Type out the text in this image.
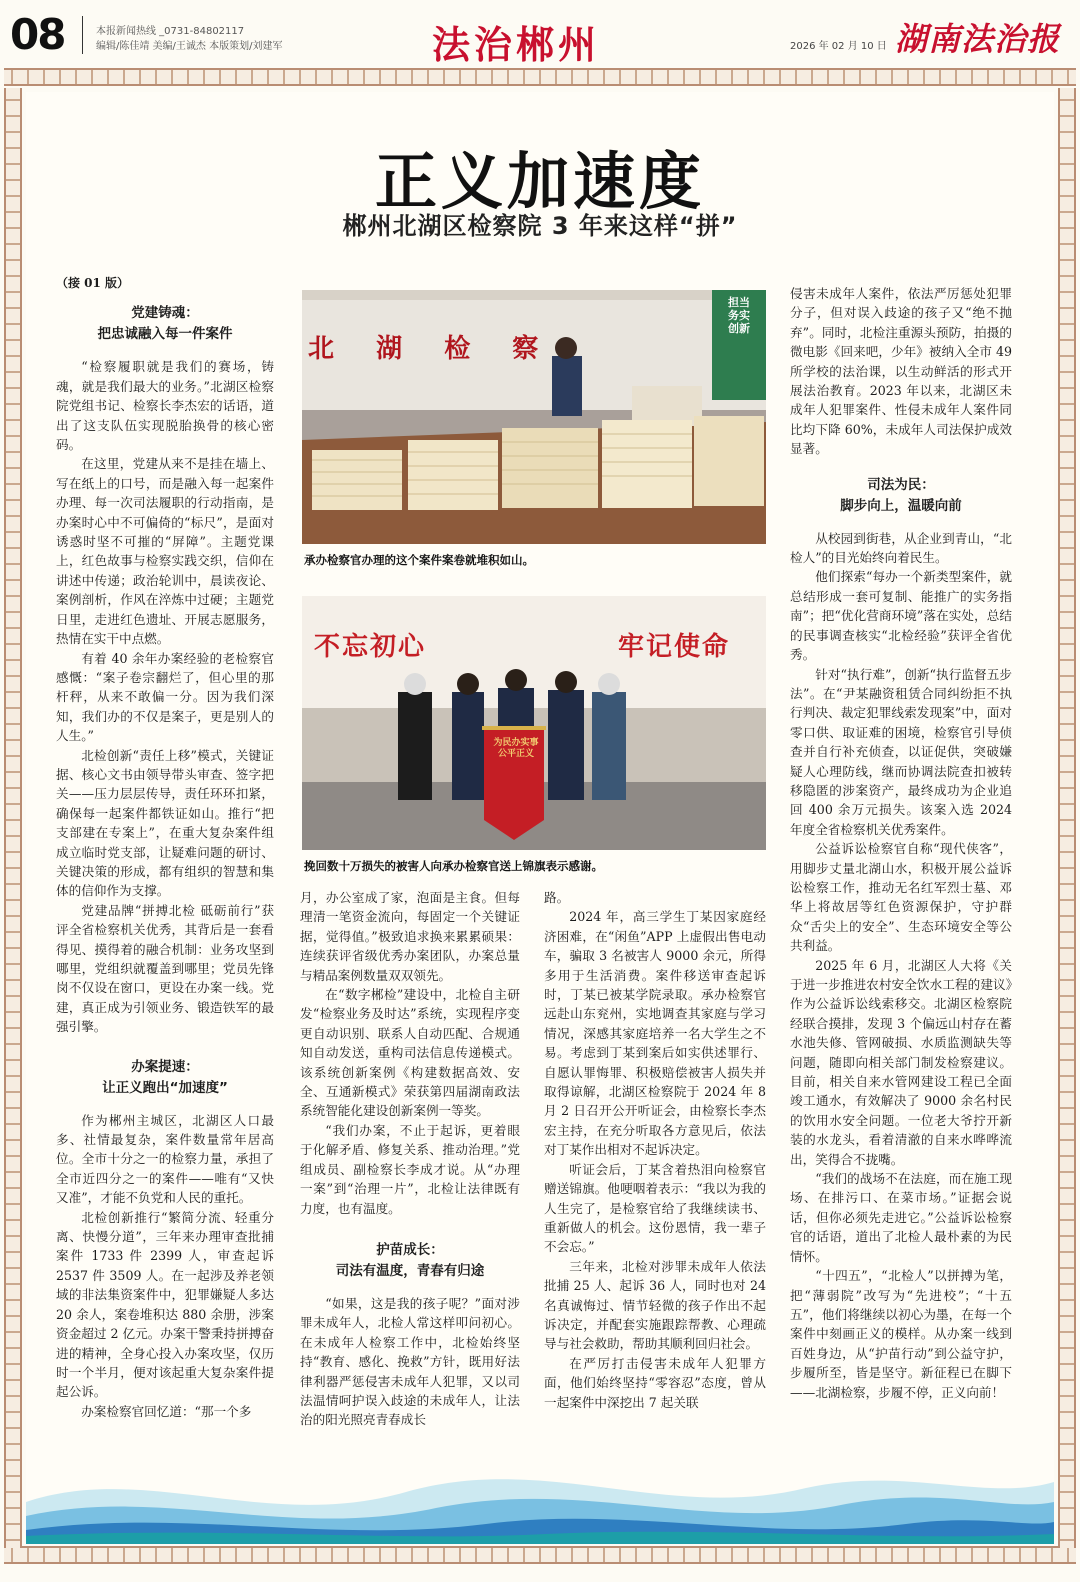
08	本报新闻热线 _0731-84802117
编辑/陈佳靖 美编/王诚杰 本版策划/刘建军	法治郴州	2026 年 02 月 10 日 湖南法治报
正义加速度
郴州北湖区检察院 3 年来这样“拼”

（接 01 版）

党建铸魂：
把忠诚融入每一件案件

“检察履职就是我们的赛场，铸魂，就是我们最大的业务。”北湖区检察院党组书记、检察长李杰宏的话语，道出了这支队伍实现脱胎换骨的核心密码。

在这里，党建从来不是挂在墙上、写在纸上的口号，而是融入每一起案件办理、每一次司法履职的行动指南，是办案时心中不可偏倚的“标尺”，是面对诱惑时坚不可摧的“屏障”。主题党课上，红色故事与检察实践交织，信仰在讲述中传递；政治轮训中，晨读夜论、案例剖析，作风在淬炼中过硬；主题党日里，走进红色遗址、开展志愿服务，热情在实干中点燃。

有着 40 余年办案经验的老检察官感慨：“案子卷宗翻烂了，但心里的那杆秤，从来不敢偏一分。因为我们深知，我们办的不仅是案子，更是别人的人生。”

北检创新“责任上移”模式，关键证据、核心文书由领导带头审查、签字把关——压力层层传导，责任环环扣紧，确保每一起案件都铁证如山。推行“把支部建在专案上”，在重大复杂案件组成立临时党支部，让疑难问题的研讨、关键决策的形成，都有组织的智慧和集体的信仰作为支撑。

党建品牌“拼搏北检 砥砺前行”获评全省检察机关优秀，其背后是一套看得见、摸得着的融合机制：业务攻坚到哪里，党组织就覆盖到哪里；党员先锋岗不仅设在窗口，更设在办案一线。党建，真正成为引领业务、锻造铁军的最强引擎。

办案提速：
让正义跑出“加速度”

作为郴州主城区，北湖区人口最多、社情最复杂，案件数量常年居高位。全市十分之一的检察力量，承担了全市近四分之一的案件——唯有“又快又准”，才能不负党和人民的重托。

北检创新推行“繁简分流、轻重分离、快慢分道”，三年来办理审查批捕案件 1733 件 2399 人，审查起诉 2537 件 3509 人。在一起涉及养老领域的非法集资案件中，犯罪嫌疑人多达 20 余人，案卷堆积达 880 余册，涉案资金超过 2 亿元。办案干警秉持拼搏奋进的精神，全身心投入办案攻坚，仅历时一个半月，便对该起重大复杂案件提起公诉。

办案检察官回忆道：“那一个多

北  湖  检  察
担当 务实 创新
承办检察官办理的这个案件案卷就堆积如山。
不忘初心	牢记使命
为民办实事 公平正义
挽回数十万损失的被害人向承办检察官送上锦旗表示感谢。

月，办公室成了家，泡面是主食。但每理清一笔资金流向，每固定一个关键证据，觉得值。”极致追求换来累累硕果：连续获评省级优秀办案团队，办案总量与精品案例数量双双领先。

在“数字郴检”建设中，北检自主研发“检察业务及时达”系统，实现程序变更自动识别、联系人自动匹配、合规通知自动发送，重构司法信息传递模式。该系统创新案例《构建数据高效、安全、互通新模式》荣获第四届湖南政法系统智能化建设创新案例一等奖。

“我们办案，不止于起诉，更着眼于化解矛盾、修复关系、推动治理。”党组成员、副检察长李成才说。从“办理一案”到“治理一片”，北检让法律既有力度，也有温度。

护苗成长：
司法有温度，青春有归途

“如果，这是我的孩子呢？”面对涉罪未成年人，北检人常这样叩问初心。在未成年人检察工作中，北检始终坚持“教育、感化、挽救”方针，既用好法律利器严惩侵害未成年人犯罪，又以司法温情呵护误入歧途的未成年人，让法治的阳光照亮青春成长

路。

2024 年，高三学生丁某因家庭经济困难，在“闲鱼”APP 上虚假出售电动车，骗取 3 名被害人 9000 余元，所得多用于生活消费。案件移送审查起诉时，丁某已被某学院录取。承办检察官远赴山东兖州，实地调查其家庭与学习情况，深感其家庭培养一名大学生之不易。考虑到丁某到案后如实供述罪行、自愿认罪悔罪、积极赔偿被害人损失并取得谅解，北湖区检察院于 2024 年 8 月 2 日召开公开听证会，由检察长李杰宏主持，在充分听取各方意见后，依法对丁某作出相对不起诉决定。

听证会后，丁某含着热泪向检察官赠送锦旗。他哽咽着表示：“我以为我的人生完了，是检察官给了我继续读书、重新做人的机会。这份恩情，我一辈子不会忘。”

三年来，北检对涉罪未成年人依法批捕 25 人、起诉 36 人，同时也对 24 名真诚悔过、情节轻微的孩子作出不起诉决定，并配套实施跟踪帮教、心理疏导与社会救助，帮助其顺利回归社会。

在严厉打击侵害未成年人犯罪方面，他们始终坚持“零容忍”态度，曾从一起案件中深挖出 7 起关联

侵害未成年人案件，依法严厉惩处犯罪分子，但对误入歧途的孩子又“绝不抛弃”。同时，北检注重源头预防，拍摄的微电影《回来吧，少年》被纳入全市 49 所学校的法治课，以生动鲜活的形式开展法治教育。2023 年以来，北湖区未成年人犯罪案件、性侵未成年人案件同比均下降 60%，未成年人司法保护成效显著。

司法为民：
脚步向上，温暖向前

从校园到街巷，从企业到青山，“北检人”的目光始终向着民生。

他们探索“每办一个新类型案件，就总结形成一套可复制、能推广的实务指南”；把“优化营商环境”落在实处，总结的民事调查核实“北检经验”获评全省优秀。

针对“执行难”，创新“执行监督五步法”。在“尹某融资租赁合同纠纷拒不执行判决、裁定犯罪线索发现案”中，面对零口供、取证难的困境，检察官引导侦查并自行补充侦查，以证促供，突破嫌疑人心理防线，继而协调法院查扣被转移隐匿的涉案资产，最终成功为企业追回 400 余万元损失。该案入选 2024 年度全省检察机关优秀案件。

公益诉讼检察官自称“现代侠客”，用脚步丈量北湖山水，积极开展公益诉讼检察工作，推动无名红军烈士墓、邓华上将故居等红色资源保护，守护群众“舌尖上的安全”、生态环境安全等公共利益。

2025 年 6 月，北湖区人大将《关于进一步推进农村安全饮水工程的建议》作为公益诉讼线索移交。北湖区检察院经联合摸排，发现 3 个偏远山村存在蓄水池失修、管网破损、水质监测缺失等问题，随即向相关部门制发检察建议。目前，相关自来水管网建设工程已全面竣工通水，有效解决了 9000 余名村民的饮用水安全问题。一位老大爷拧开新装的水龙头，看着清澈的自来水哗哗流出，笑得合不拢嘴。

“我们的战场不在法庭，而在施工现场、在排污口、在菜市场。”证据会说话，但你必须先走进它。”公益诉讼检察官的话语，道出了北检人最朴素的为民情怀。

“十四五”，“北检人”以拼搏为笔，把“薄弱院”改写为“先进校”；“十五五”，他们将继续以初心为墨，在每一个案件中刻画正义的模样。从办案一线到百姓身边，从“护苗行动”到公益守护，步履所至，皆是坚守。新征程已在脚下——北湖检察，步履不停，正义向前！
